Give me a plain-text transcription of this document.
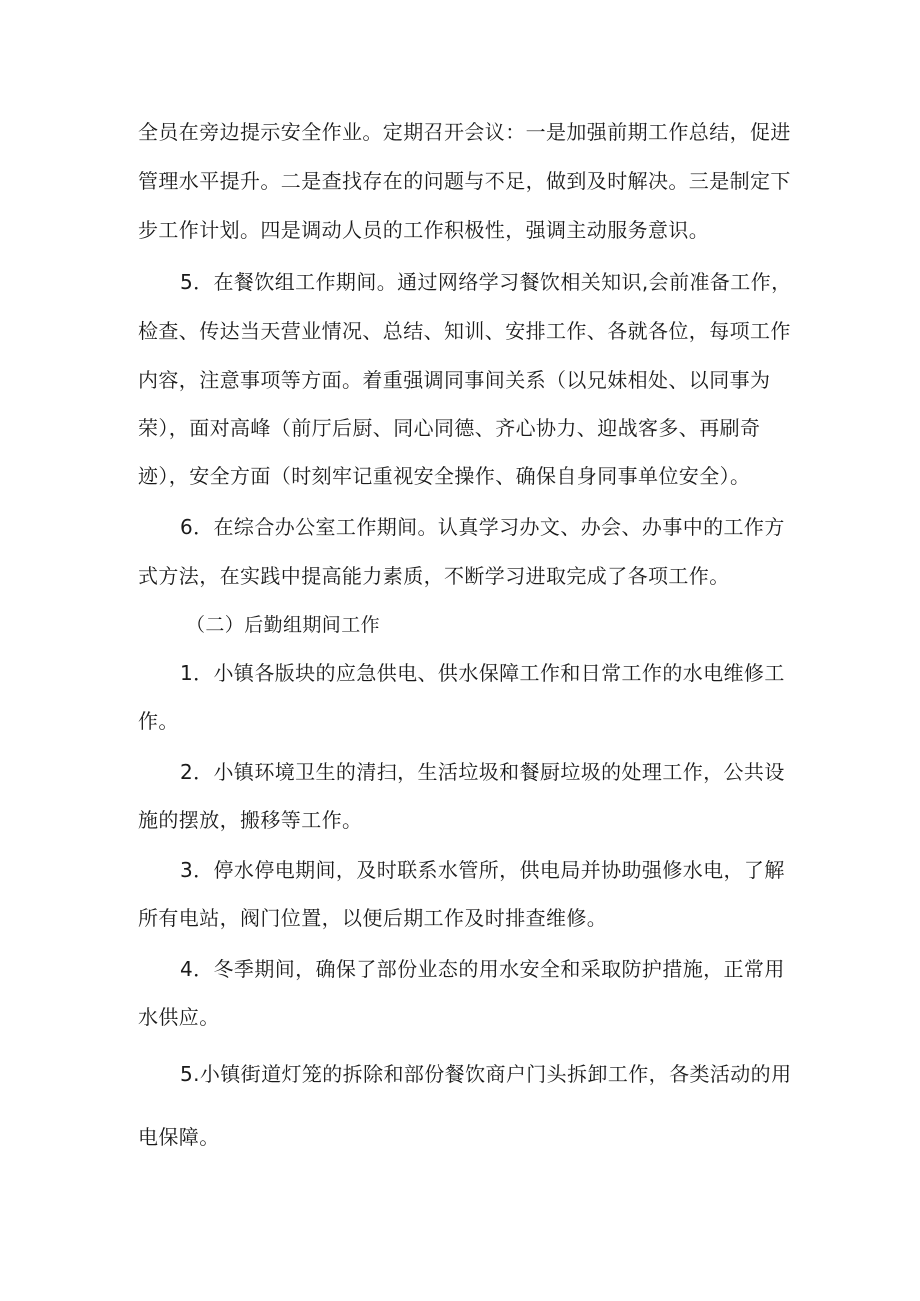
全员在旁边提示安全作业。定期召开会议：一是加强前期工作总结，促进
管理水平提升。二是查找存在的问题与不足，做到及时解决。三是制定下
步工作计划。四是调动人员的工作积极性，强调主动服务意识。
5．在餐饮组工作期间。通过网络学习餐饮相关知识,会前准备工作，
检查、传达当天营业情况、总结、知训、安排工作、各就各位，每项工作
内容，注意事项等方面。着重强调同事间关系（以兄妹相处、以同事为
荣），面对高峰（前厅后厨、同心同德、齐心协力、迎战客多、再刷奇
迹），安全方面（时刻牢记重视安全操作、确保自身同事单位安全）。
6．在综合办公室工作期间。认真学习办文、办会、办事中的工作方
式方法，在实践中提高能力素质，不断学习进取完成了各项工作。
（二）后勤组期间工作
1．小镇各版块的应急供电、供水保障工作和日常工作的水电维修工
作。
2．小镇环境卫生的清扫，生活垃圾和餐厨垃圾的处理工作，公共设
施的摆放，搬移等工作。
3．停水停电期间，及时联系水管所，供电局并协助强修水电，了解
所有电站，阀门位置，以便后期工作及时排查维修。
4．冬季期间，确保了部份业态的用水安全和采取防护措施，正常用
水供应。
5.小镇街道灯笼的拆除和部份餐饮商户门头拆卸工作，各类活动的用
电保障。
